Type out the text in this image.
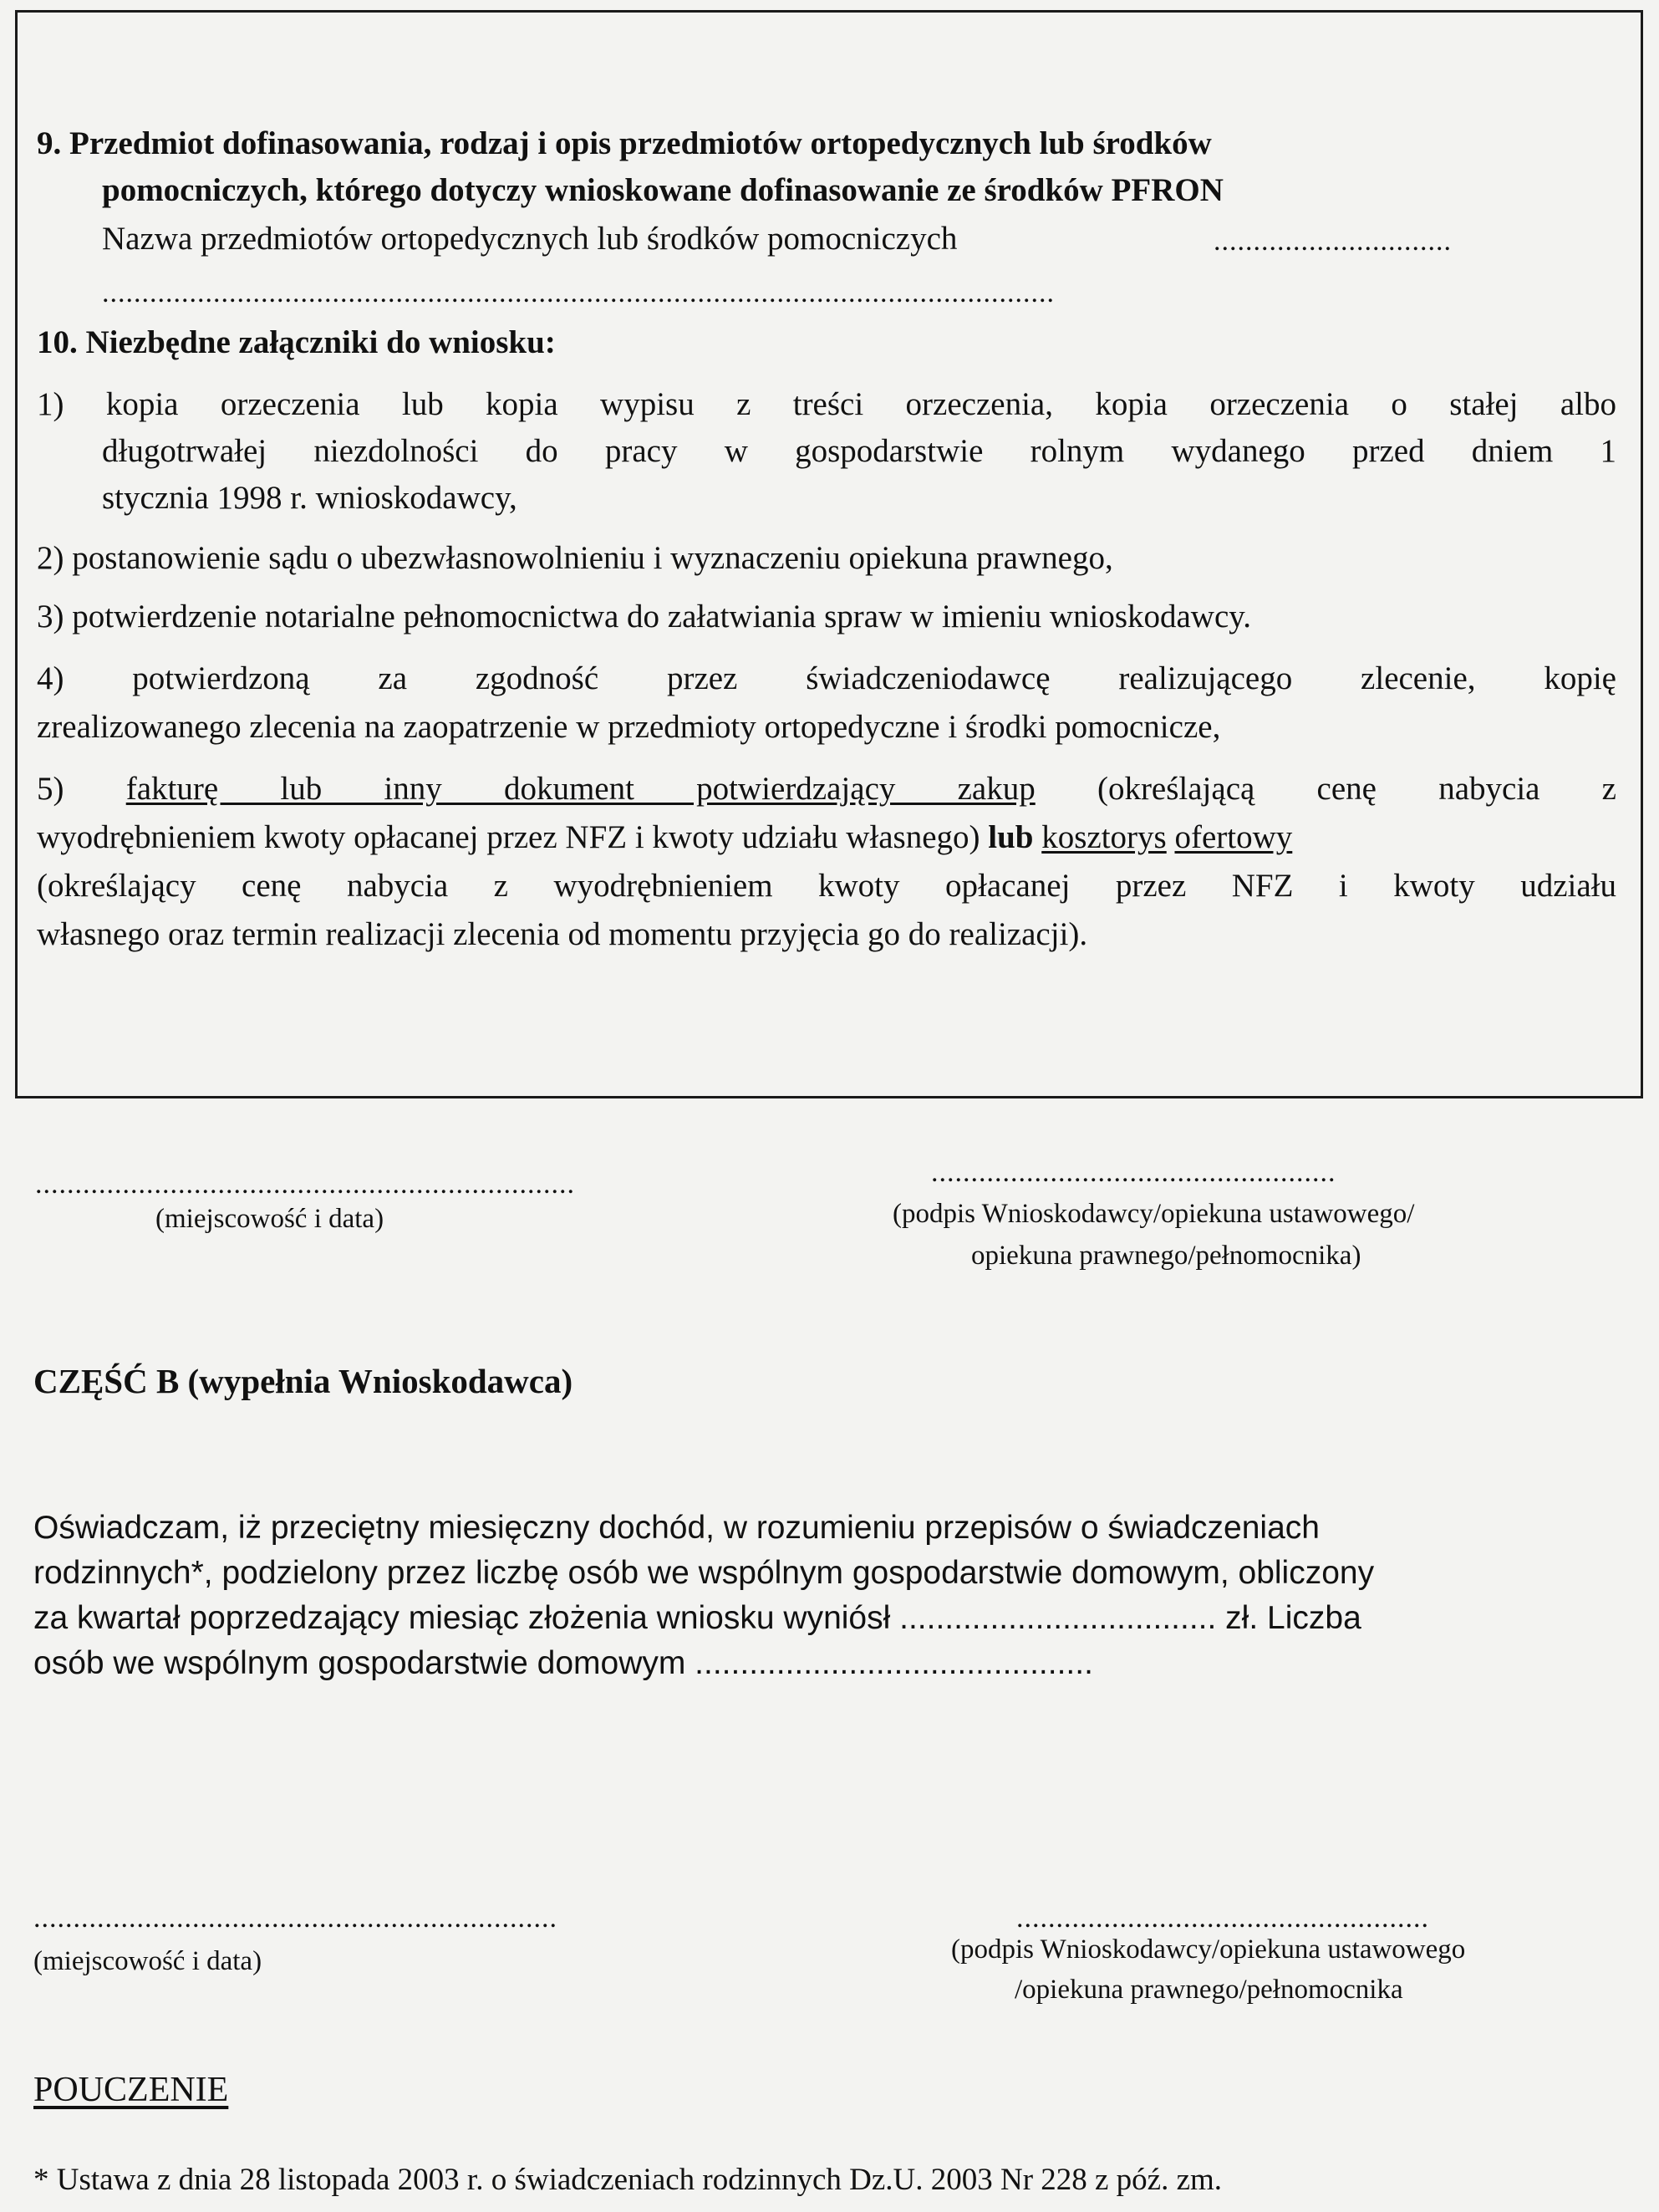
9. Przedmiot dofinasowania, rodzaj i opis przedmiotów ortopedycznych lub środków
pomocniczych, którego dotyczy wnioskowane dofinasowanie ze środków PFRON
Nazwa przedmiotów ortopedycznych lub środków pomocniczych	..............................
........................................................................................................................
10. Niezbędne załączniki do wniosku:
1) kopia orzeczenia lub kopia wypisu z treści orzeczenia, kopia orzeczenia o stałej albo
długotrwałej niezdolności do pracy w gospodarstwie rolnym wydanego przed dniem 1
stycznia 1998 r. wnioskodawcy,
2) postanowienie sądu o ubezwłasnowolnieniu i wyznaczeniu opiekuna prawnego,
3) potwierdzenie notarialne pełnomocnictwa do załatwiania spraw w imieniu wnioskodawcy.
4) potwierdzoną za zgodność przez świadczeniodawcę realizującego zlecenie, kopię
zrealizowanego zlecenia na zaopatrzenie w przedmioty ortopedyczne i środki pomocnicze,
5) fakturę lub inny dokument potwierdzający zakup (określającą cenę nabycia z
wyodrębnieniem kwoty opłacanej przez NFZ i kwoty udziału własnego) lub kosztorys ofertowy
(określający cenę nabycia z wyodrębnieniem kwoty opłacanej przez NFZ i kwoty udziału
własnego oraz termin realizacji zlecenia od momentu przyjęcia go do realizacji).
....................................................................	...................................................
(miejscowość i data)	(podpis Wnioskodawcy/opiekuna ustawowego/
opiekuna prawnego/pełnomocnika)
CZĘŚĆ B (wypełnia Wnioskodawca)
Oświadczam, iż przeciętny miesięczny dochód, w rozumieniu przepisów o świadczeniach
rodzinnych*, podzielony przez liczbę osób we wspólnym gospodarstwie domowym, obliczony
za kwartał poprzedzający miesiąc złożenia wniosku wyniósł ................................... zł. Liczba
osób we wspólnym gospodarstwie domowym ............................................
..................................................................	....................................................
(miejscowość i data)	(podpis Wnioskodawcy/opiekuna ustawowego
/opiekuna prawnego/pełnomocnika
POUCZENIE
* Ustawa z dnia 28 listopada 2003 r. o świadczeniach rodzinnych Dz.U. 2003 Nr 228 z póź. zm.
